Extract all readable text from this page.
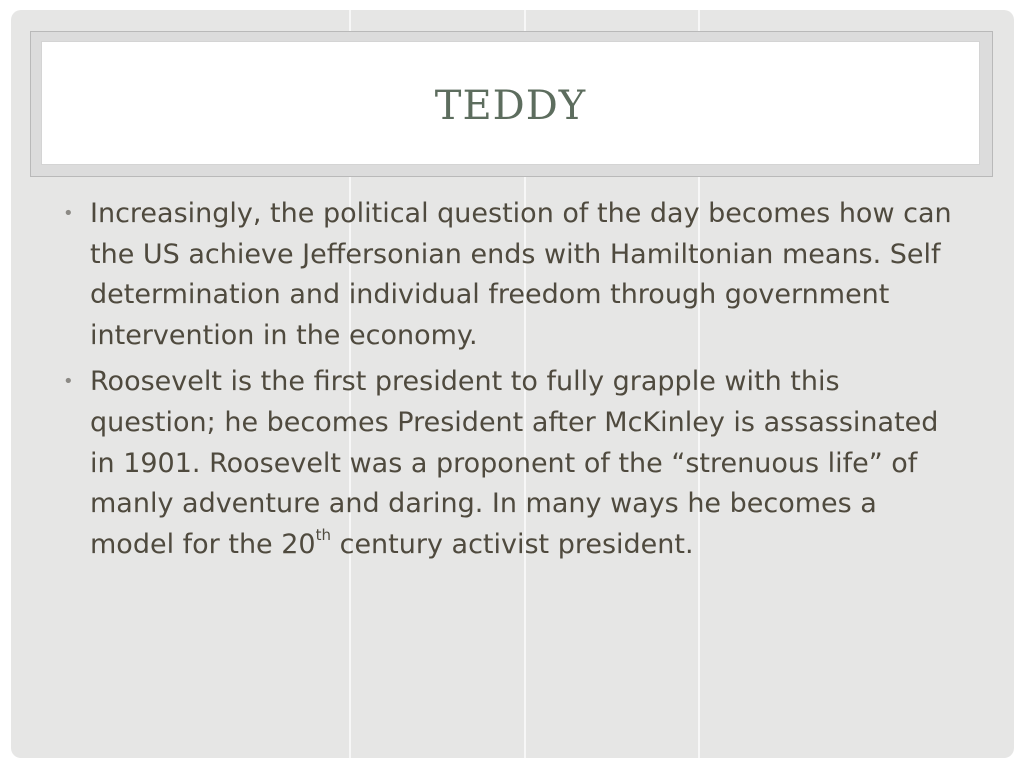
TEDDY
• Increasingly, the political question of the day becomes how can the US achieve Jeffersonian ends with Hamiltonian means. Self determination and individual freedom through government intervention in the economy.
• Roosevelt is the first president to fully grapple with this question; he becomes President after McKinley is assassinated in 1901. Roosevelt was a proponent of the “strenuous life” of manly adventure and daring. In many ways he becomes a model for the 20th century activist president.
